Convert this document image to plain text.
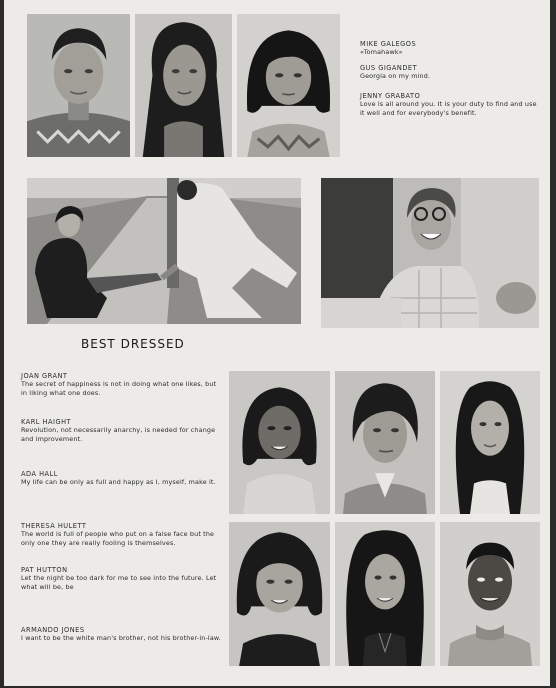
MIKE GALEGOS
«Tomahawk»
GUS GIGANDET
Georgia on my mind.
JENNY GRABATO
Love is all around you. It is your duty to find and use it well and for everybody's benefit.
BEST DRESSED
JOAN GRANT
The secret of happiness is not in doing what one likes, but in liking what one does.
KARL HAIGHT
Revolution, not necessarily anarchy, is needed for change and improvement.
ADA HALL
My life can be only as full and happy as I, myself, make it.
THERESA HULETT
The world is full of people who put on a false face but the only one they are really fooling is themselves.
PAT HUTTON
Let the night be too dark for me to see into the future. Let what will be, be
ARMANDO JONES
I want to be the white man's brother, not his brother-in-law.
